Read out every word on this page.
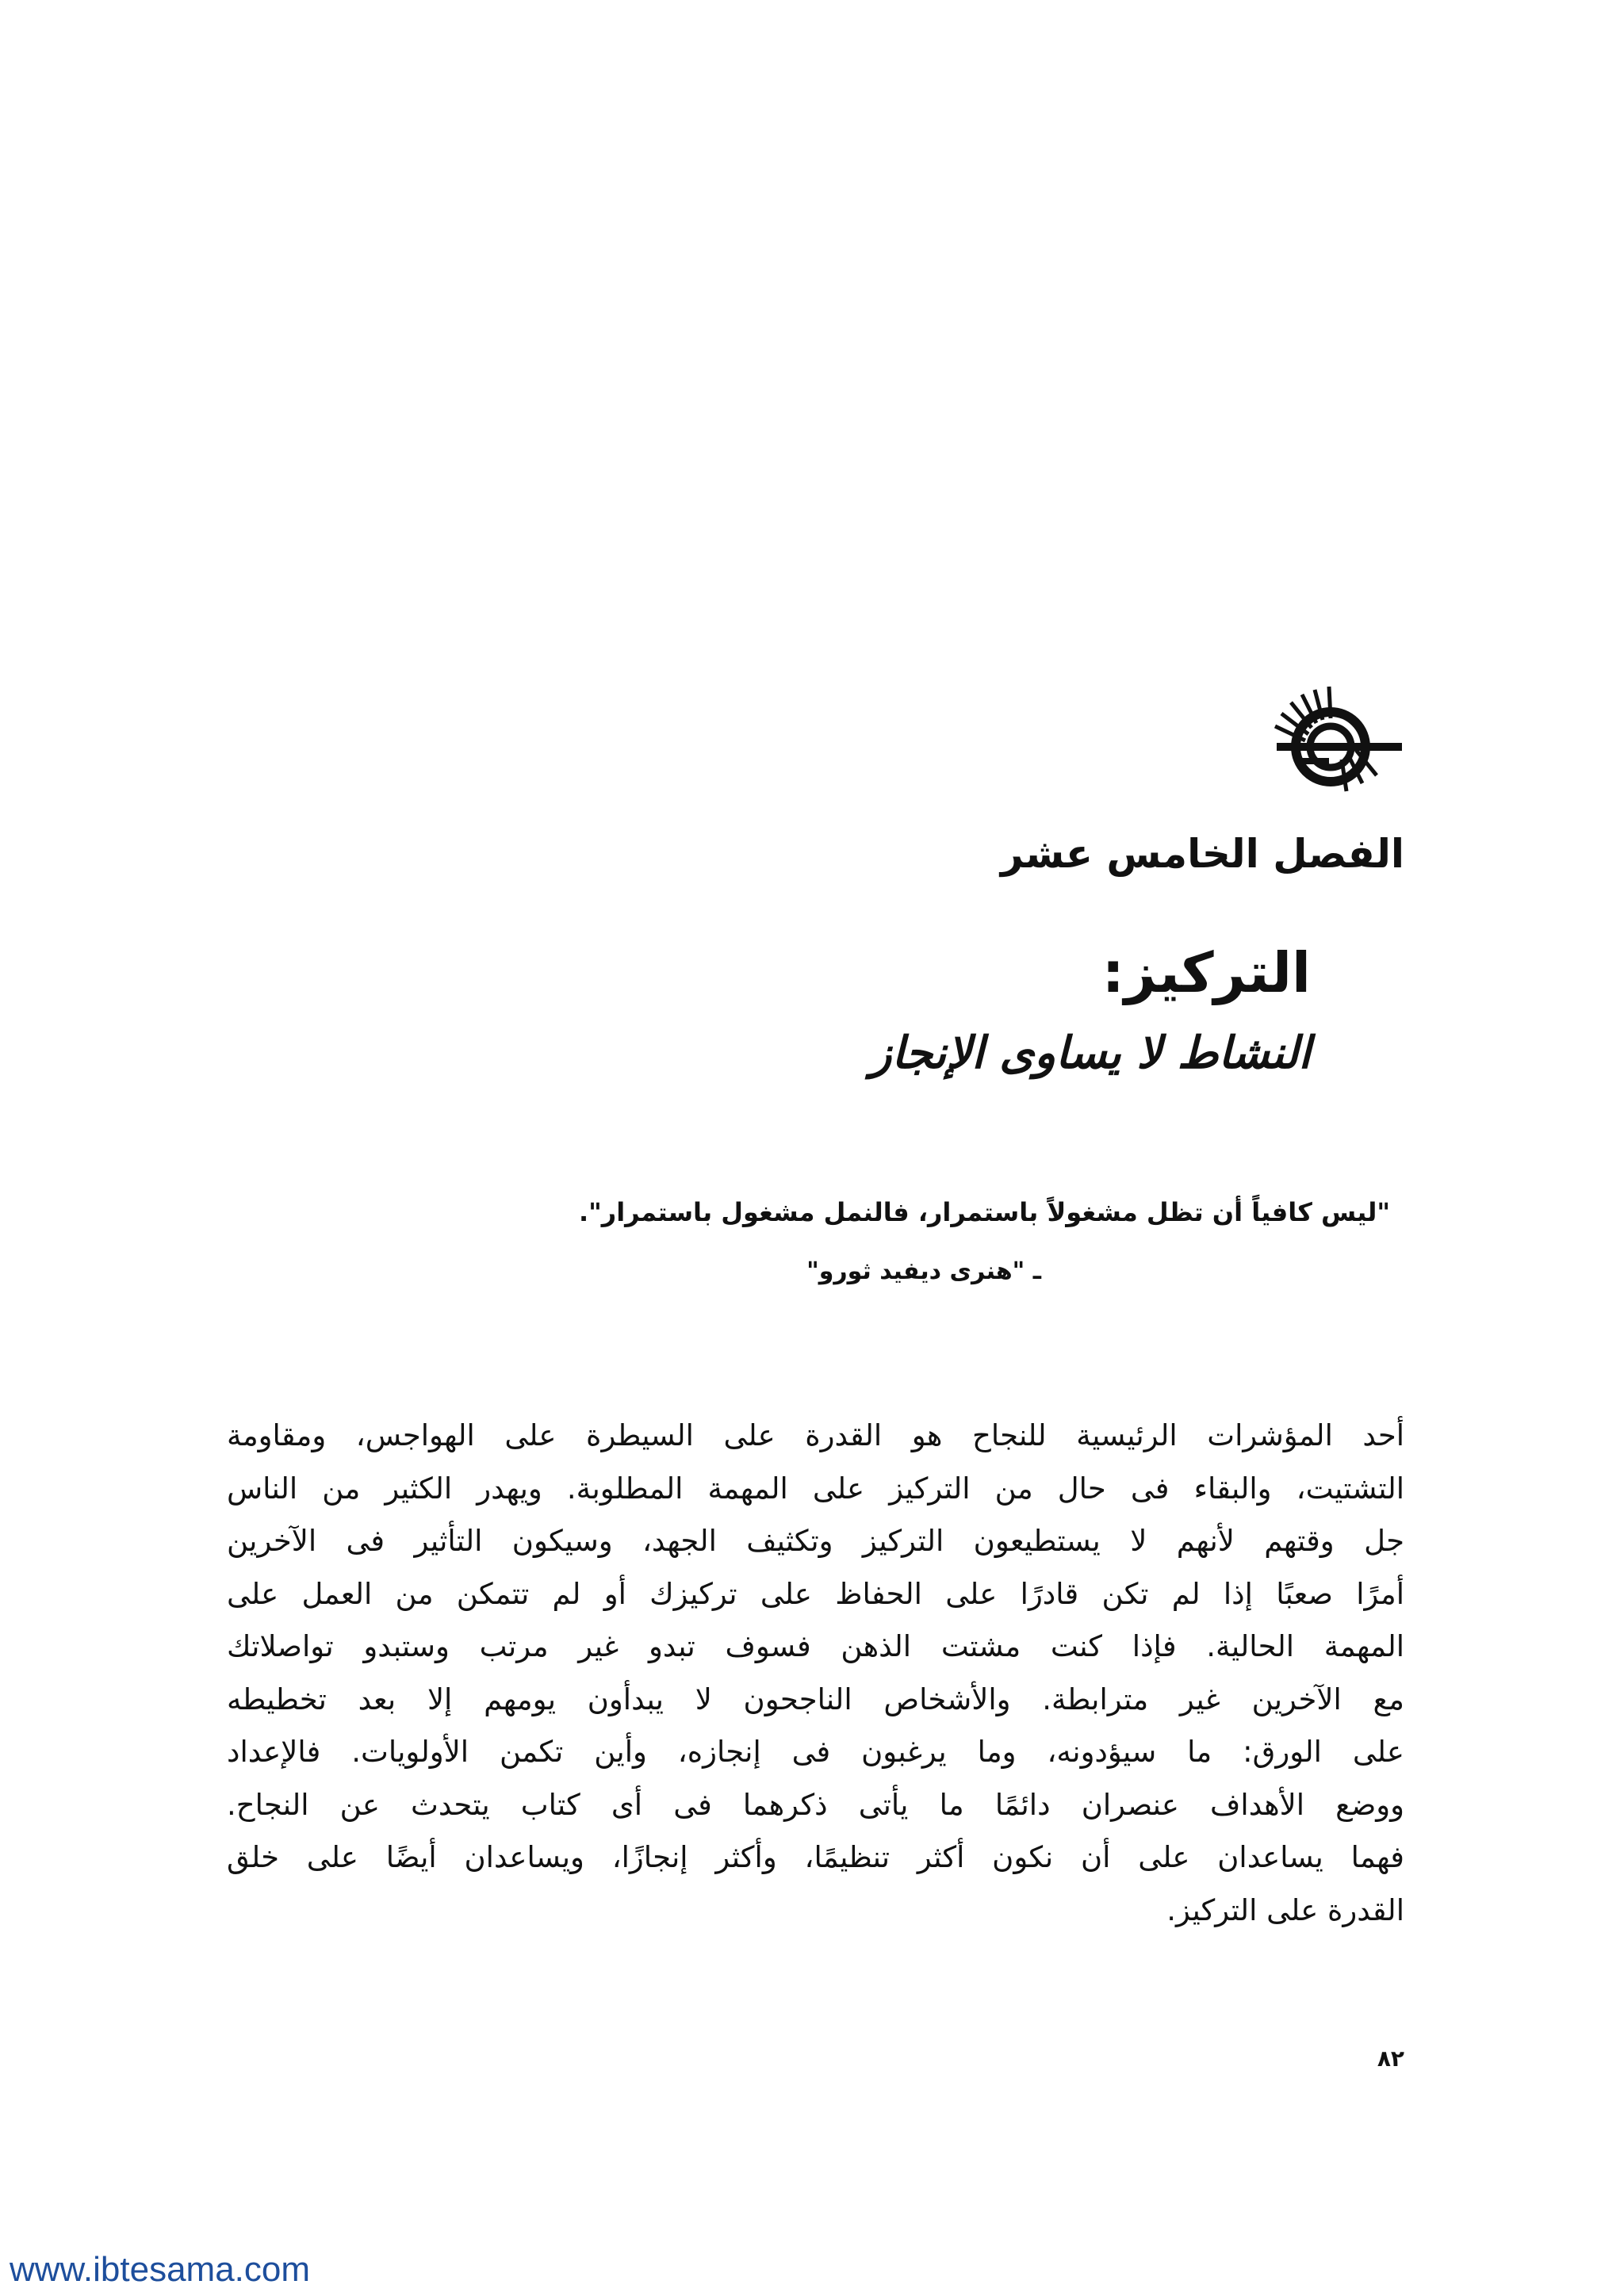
الفصل الخامس عشر
التركيز:
النشاط لا يساوى الإنجاز
"ليس كافياً أن تظل مشغولاً باستمرار، فالنمل مشغول باستمرار".
ـ "هنرى ديفيد ثورو"
أحد المؤشرات الرئيسية للنجاح هو القدرة على السيطرة على الهواجس، ومقاومة
التشتيت، والبقاء فى حال من التركيز على المهمة المطلوبة. ويهدر الكثير من الناس
جل وقتهم لأنهم لا يستطيعون التركيز وتكثيف الجهد، وسيكون التأثير فى الآخرين
أمرًا صعبًا إذا لم تكن قادرًا على الحفاظ على تركيزك أو لم تتمكن من العمل على
المهمة الحالية. فإذا كنت مشتت الذهن فسوف تبدو غير مرتب وستبدو تواصلاتك
مع الآخرين غير مترابطة. والأشخاص الناجحون لا يبدأون يومهم إلا بعد تخطيطه
على الورق: ما سيؤدونه، وما يرغبون فى إنجازه، وأين تكمن الأولويات. فالإعداد
ووضع الأهداف عنصران دائمًا ما يأتى ذكرهما فى أى كتاب يتحدث عن النجاح.
فهما يساعدان على أن نكون أكثر تنظيمًا، وأكثر إنجازًا، ويساعدان أيضًا على خلق
القدرة على التركيز.
٨٢
www.ibtesama.com
